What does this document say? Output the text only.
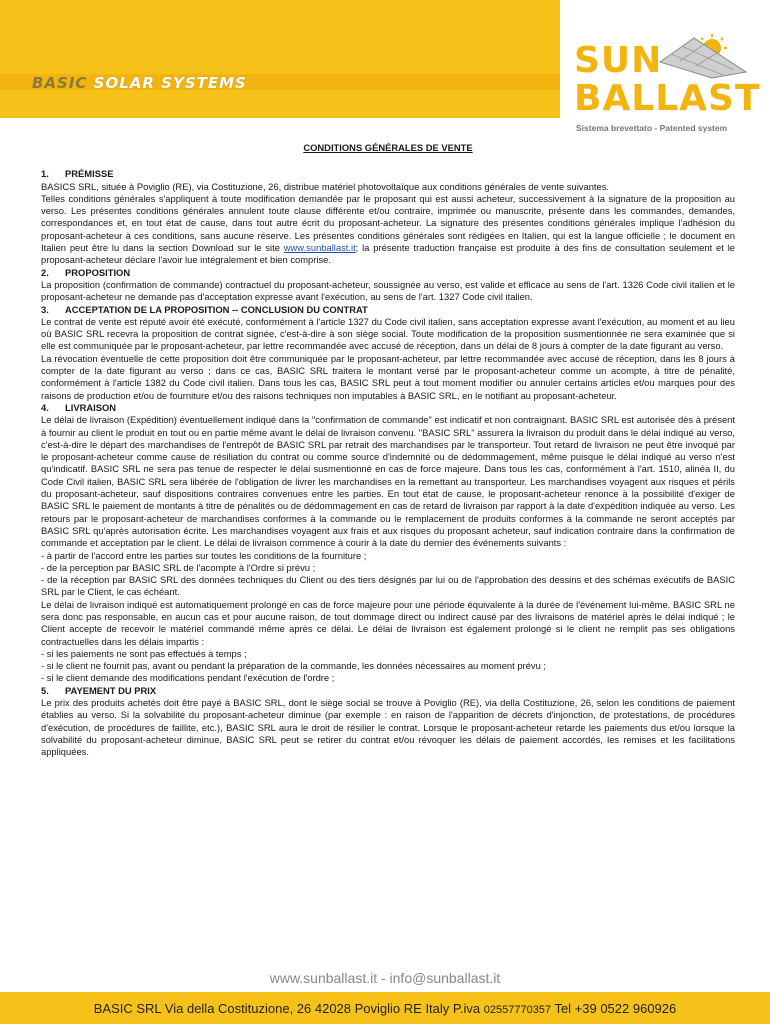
BASIC SOLAR SYSTEMS
SUN
BALLAST
Sistema brevettato - Patented system
CONDITIONS GÉNÉRALES DE VENTE
1. PRÉMISSE

BASICS SRL, située à Poviglio (RE), via Costituzione, 26, distribue matériel photovoltaïque aux conditions générales de vente suivantes.

Telles conditions générales s'appliquent à toute modification demandée par le proposant qui est aussi acheteur, successivement à la signature de la proposition au verso. Les présentes conditions générales annulent toute clause différente et/ou contraire, imprimée ou manuscrite, présente dans les commandes, demandes, correspondances et, en tout état de cause, dans tout autre écrit du proposant-acheteur. La signature des présentes conditions générales implique l'adhésion du proposant-acheteur à ces conditions, sans aucune réserve. Les présentes conditions générales sont rédigées en Italien, qui est la langue officielle ; le document en Italien peut être lu dans la section Download sur le site www.sunballast.it; la présente traduction française est produite à des fins de consultation seulement et le proposant-acheteur déclare l'avoir lue intégralement et bien comprise.

2. PROPOSITION

La proposition (confirmation de commande) contractuel du proposant-acheteur, soussignée au verso, est valide et efficace au sens de l'art. 1326 Code civil italien et le proposant-acheteur ne demande pas d'acceptation expresse avant l'exécution, au sens de l'art. 1327 Code civil italien.

3. ACCEPTATION DE LA PROPOSITION -- CONCLUSION DU CONTRAT

Le contrat de vente est réputé avoir été exécuté, conformément à l'article 1327 du Code civil italien, sans acceptation expresse avant l'exécution, au moment et au lieu où BASIC SRL recevra la proposition de contrat signée, c'est-à-dire à son siège social. Toute modification de la proposition susmentionnée ne sera examinée que si elle est communiquée par le proposant-acheteur, par lettre recommandée avec accusé de réception, dans un délai de 8 jours à compter de la date figurant au verso.

La révocation éventuelle de cette proposition doit être communiquée par le proposant-acheteur, par lettre recommandée avec accusé de réception, dans les 8 jours à compter de la date figurant au verso ; dans ce cas, BASIC SRL traitera le montant versé par le proposant-acheteur comme un acompte, à titre de pénalité, conformément à l'article 1382 du Code civil italien. Dans tous les cas, BASIC SRL peut à tout moment modifier ou annuler certains articles et/ou marques pour des raisons de production et/ou de fourniture et/ou des raisons techniques non imputables à BASIC SRL, en le notifiant au proposant-acheteur.

4. LIVRAISON

Le délai de livraison (Expédition) éventuellement indiqué dans la "confirmation de commande" est indicatif et non contraignant. BASIC SRL est autorisée dès à présent à fournir au client le produit en tout ou en partie même avant le délai de livraison convenu. "BASIC SRL" assurera la livraison du produit dans le délai indiqué au verso, c'est-à-dire le départ des marchandises de l'entrepôt de BASIC SRL par retrait des marchandises par le transporteur. Tout retard de livraison ne peut être invoqué par le proposant-acheteur comme cause de résiliation du contrat ou comme source d'indemnité ou de dédommagement, même puisque le délai indiqué au verso n'est qu'indicatif. BASIC SRL ne sera pas tenue de respecter le délai susmentionné en cas de force majeure. Dans tous les cas, conformément à l'art. 1510, alinéa II, du Code Civil italien, BASIC SRL sera libérée de l'obligation de livrer les marchandises en la remettant au transporteur. Les marchandises voyagent aux risques et périls du proposant-acheteur, sauf dispositions contraires convenues entre les parties. En tout état de cause, le proposant-acheteur renonce à la possibilité d'exiger de BASIC SRL le paiement de montants à titre de pénalités ou de dédommagement en cas de retard de livraison par rapport à la date d'expédition indiquée au verso. Les retours par le proposant-acheteur de marchandises conformes à la commande ou le remplacement de produits conformes à la commande ne seront acceptés par BASIC SRL qu'après autorisation écrite. Les marchandises voyagent aux frais et aux risques du proposant acheteur, sauf indication contraire dans la confirmation de commande et acceptation par le client. Le délai de livraison commence à courir à la date du dernier des événements suivants :

- à partir de l'accord entre les parties sur toutes les conditions de la fourniture ;

- de la perception par BASIC SRL de l'acompte à l'Ordre si prévu ;

- de la réception par BASIC SRL des données techniques du Client ou des tiers désignés par lui ou de l'approbation des dessins et des schémas exécutifs de BASIC SRL par le Client, le cas échéant.

Le délai de livraison indiqué est automatiquement prolongé en cas de force majeure pour une période équivalente à la durée de l'événement lui-même. BASIC SRL ne sera donc pas responsable, en aucun cas et pour aucune raison, de tout dommage direct ou indirect causé par des livraisons de matériel après le délai indiqué ; le Client accepte de recevoir le matériel commandé même après ce délai. Le délai de livraison est également prolongé si le client ne remplit pas ses obligations contractuelles dans les délais impartis :

- si les paiements ne sont pas effectués à temps ;

- si le client ne fournit pas, avant ou pendant la préparation de la commande, les données nécessaires au moment prévu ;

- si le client demande des modifications pendant l'exécution de l'ordre ;

5. PAYEMENT DU PRIX

Le prix des produits achetés doit être payé à BASIC SRL, dont le siège social se trouve à Poviglio (RE), via della Costituzione, 26, selon les conditions de paiement établies au verso. Si la solvabilité du proposant-acheteur diminue (par exemple : en raison de l'apparition de décrets d'injonction, de protestations, de procédures d'exécution, de procédures de faillite, etc.), BASIC SRL aura le droit de résilier le contrat. Lorsque le proposant-acheteur retarde les paiements dus et/ou lorsque la solvabilité du proposant-acheteur diminue, BASIC SRL peut se retirer du contrat et/ou révoquer les délais de paiement accordés, les remises et les facilitations appliquées.

www.sunballast.it - info@sunballast.it
BASIC SRL Via della Costituzione, 26 42028 Poviglio RE Italy P.iva 02557770357 Tel +39 0522 960926
